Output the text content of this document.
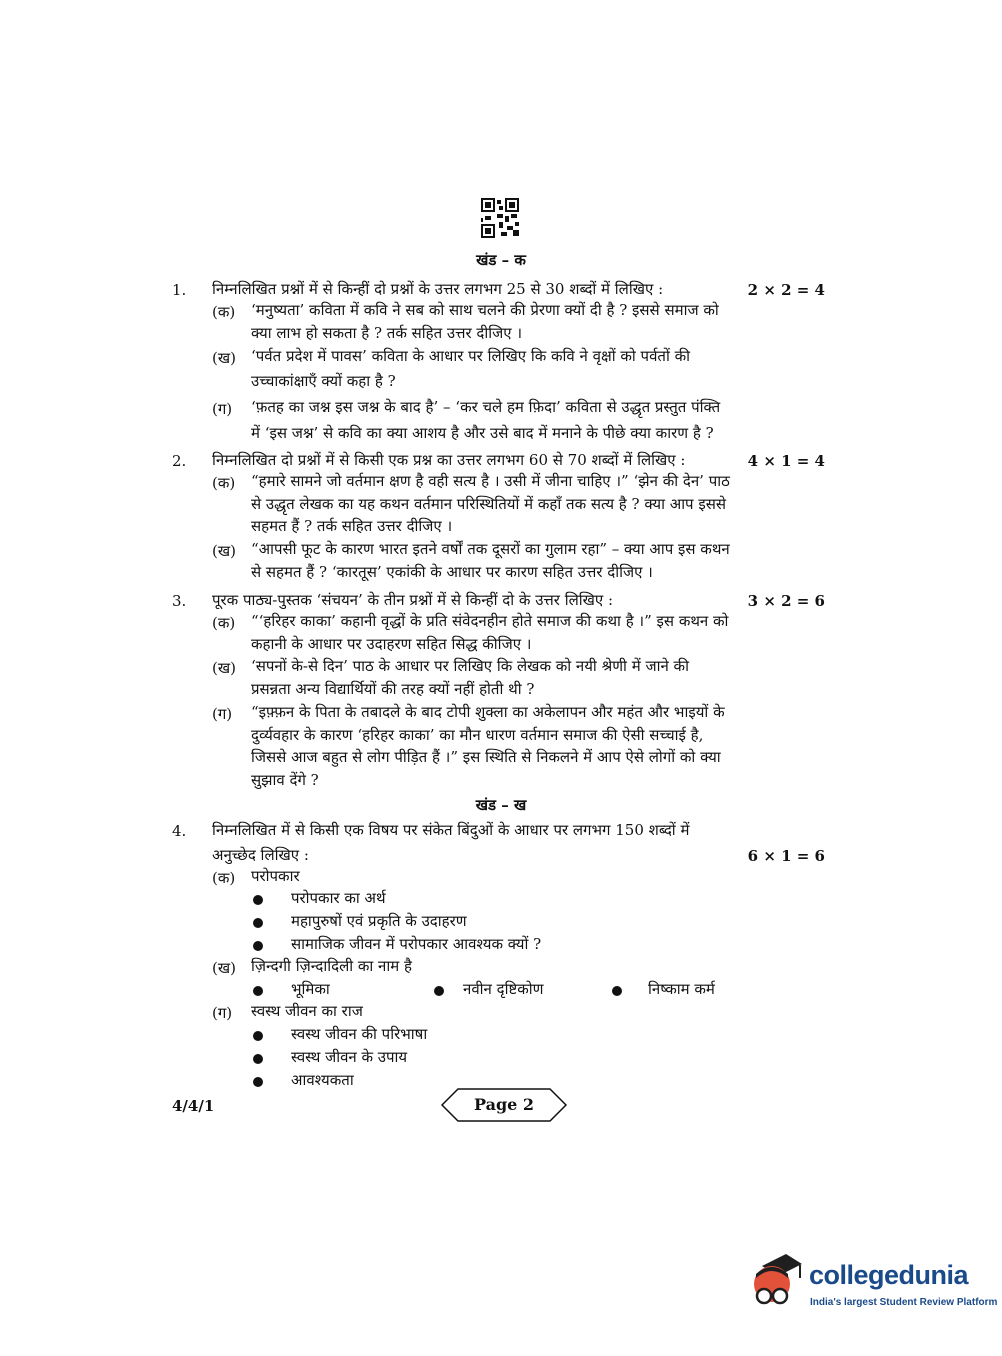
खंड – क
1. निम्नलिखित प्रश्नों में से किन्हीं दो प्रश्नों के उत्तर लगभग 25 से 30 शब्दों में लिखिए :	2 × 2 = 4
(क) ‘मनुष्यता’ कविता में कवि ने सब को साथ चलने की प्रेरणा क्यों दी है ? इससे समाज को
क्या लाभ हो सकता है ? तर्क सहित उत्तर दीजिए ।
(ख) ‘पर्वत प्रदेश में पावस’ कविता के आधार पर लिखिए कि कवि ने वृक्षों को पर्वतों की
उच्चाकांक्षाएँ क्यों कहा है ?
(ग) ‘फ़तह का जश्न इस जश्न के बाद है’ – ‘कर चले हम फ़िदा’ कविता से उद्धृत प्रस्तुत पंक्ति
में ‘इस जश्न’ से कवि का क्या आशय है और उसे बाद में मनाने के पीछे क्या कारण है ?
2. निम्नलिखित दो प्रश्नों में से किसी एक प्रश्न का उत्तर लगभग 60 से 70 शब्दों में लिखिए :	4 × 1 = 4
(क) “हमारे सामने जो वर्तमान क्षण है वही सत्य है । उसी में जीना चाहिए ।” ‘झेन की देन’ पाठ
से उद्धृत लेखक का यह कथन वर्तमान परिस्थितियों में कहाँ तक सत्य है ? क्या आप इससे
सहमत हैं ? तर्क सहित उत्तर दीजिए ।
(ख) “आपसी फूट के कारण भारत इतने वर्षों तक दूसरों का गुलाम रहा” – क्या आप इस कथन
से सहमत हैं ? ‘कारतूस’ एकांकी के आधार पर कारण सहित उत्तर दीजिए ।
3. पूरक पाठ्य-पुस्तक ‘संचयन’ के तीन प्रश्नों में से किन्हीं दो के उत्तर लिखिए :	3 × 2 = 6
(क) “‘हरिहर काका’ कहानी वृद्धों के प्रति संवेदनहीन होते समाज की कथा है ।” इस कथन को
कहानी के आधार पर उदाहरण सहित सिद्ध कीजिए ।
(ख) ‘सपनों के-से दिन’ पाठ के आधार पर लिखिए कि लेखक को नयी श्रेणी में जाने की
प्रसन्नता अन्य विद्यार्थियों की तरह क्यों नहीं होती थी ?
(ग) “इफ़्फ़न के पिता के तबादले के बाद टोपी शुक्ला का अकेलापन और महंत और भाइयों के
दुर्व्यवहार के कारण ‘हरिहर काका’ का मौन धारण वर्तमान समाज की ऐसी सच्चाई है,
जिससे आज बहुत से लोग पीड़ित हैं ।” इस स्थिति से निकलने में आप ऐसे लोगों को क्या
सुझाव देंगे ?
खंड – ख
4. निम्नलिखित में से किसी एक विषय पर संकेत बिंदुओं के आधार पर लगभग 150 शब्दों में
अनुच्छेद लिखिए :	6 × 1 = 6
(क) परोपकार
परोपकार का अर्थ
महापुरुषों एवं प्रकृति के उदाहरण
सामाजिक जीवन में परोपकार आवश्यक क्यों ?
(ख) ज़िन्दगी ज़िन्दादिली का नाम है
भूमिका	नवीन दृष्टिकोण	निष्काम कर्म
(ग) स्वस्थ जीवन का राज
स्वस्थ जीवन की परिभाषा
स्वस्थ जीवन के उपाय
आवश्यकता
4/4/1	Page 2
collegedunia
India's largest Student Review Platform
